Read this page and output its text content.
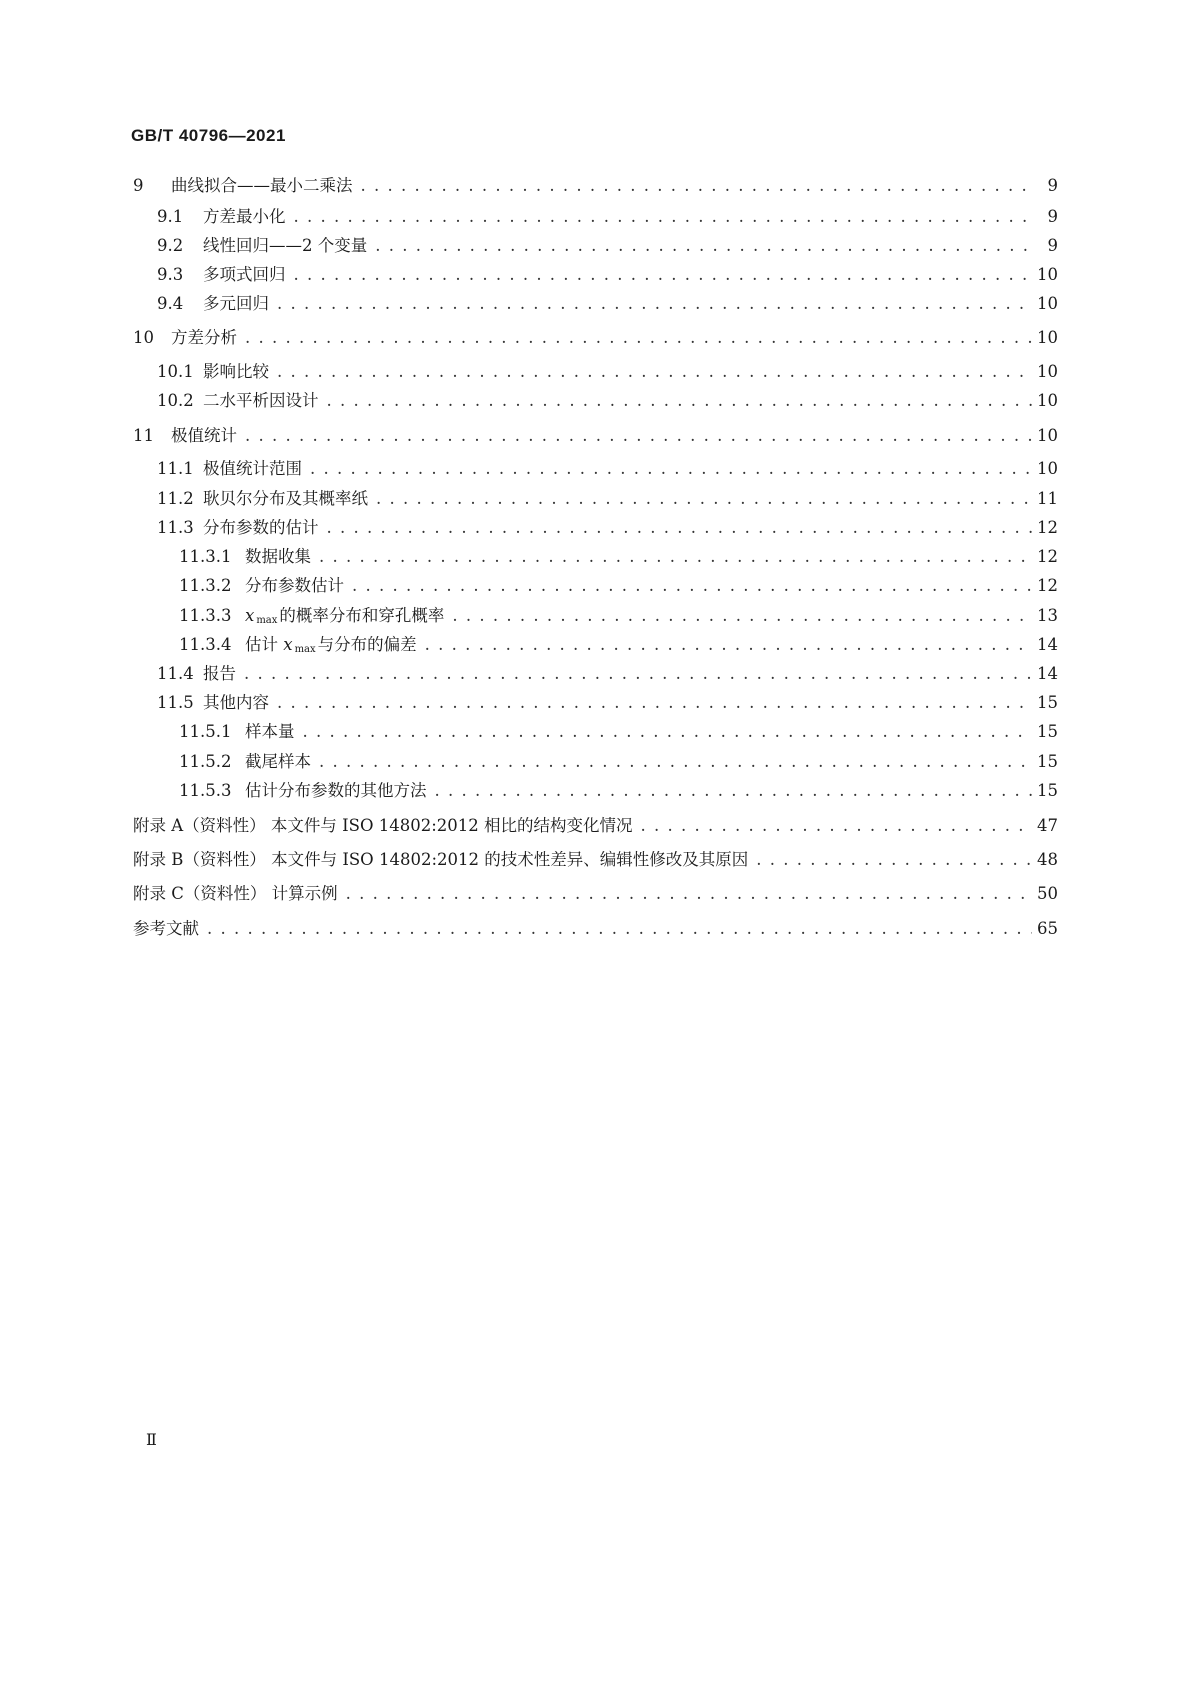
GB/T 40796—2021
9	曲线拟合——最小二乘法 . . .	9
9.1	方差最小化 . . .	9
9.2	线性回归——2 个变量 . . .	9
9.3	多项式回归 . . .	10
9.4	多元回归 . . .	10
10	方差分析 . . .	10
10.1 影响比较 . . .	10
10.2 二水平析因设计 . . .	10
11	极值统计 . . .	10
11.1 极值统计范围 . . .	10
11.2 耿贝尔分布及其概率纸 . . .	11
11.3 分布参数的估计 . . .	12
11.3.1 数据收集 . . .	12
11.3.2 分布参数估计 . . .	12
11.3.3 x $_{max}$ 的概率分布和穿孔概率 . . .	13
11.3.4 估计 x $_{max}$ 与分布的偏差 . . .	14
11.4 报告 . . .	14
11.5 其他内容 . . .	15
11.5.1 样本量 . . .	15
11.5.2 截尾样本 . . .	15
11.5.3 估计分布参数的其他方法 . . .	15
附录 A（资料性） 本文件与 ISO 14802:2012 相比的结构变化情况 . . .	47
附录 B（资料性） 本文件与 ISO 14802:2012 的技术性差异、编辑性修改及其原因 . . .	48
附录 C（资料性） 计算示例 . . .	50
参考文献 . . .	65
Ⅱ
